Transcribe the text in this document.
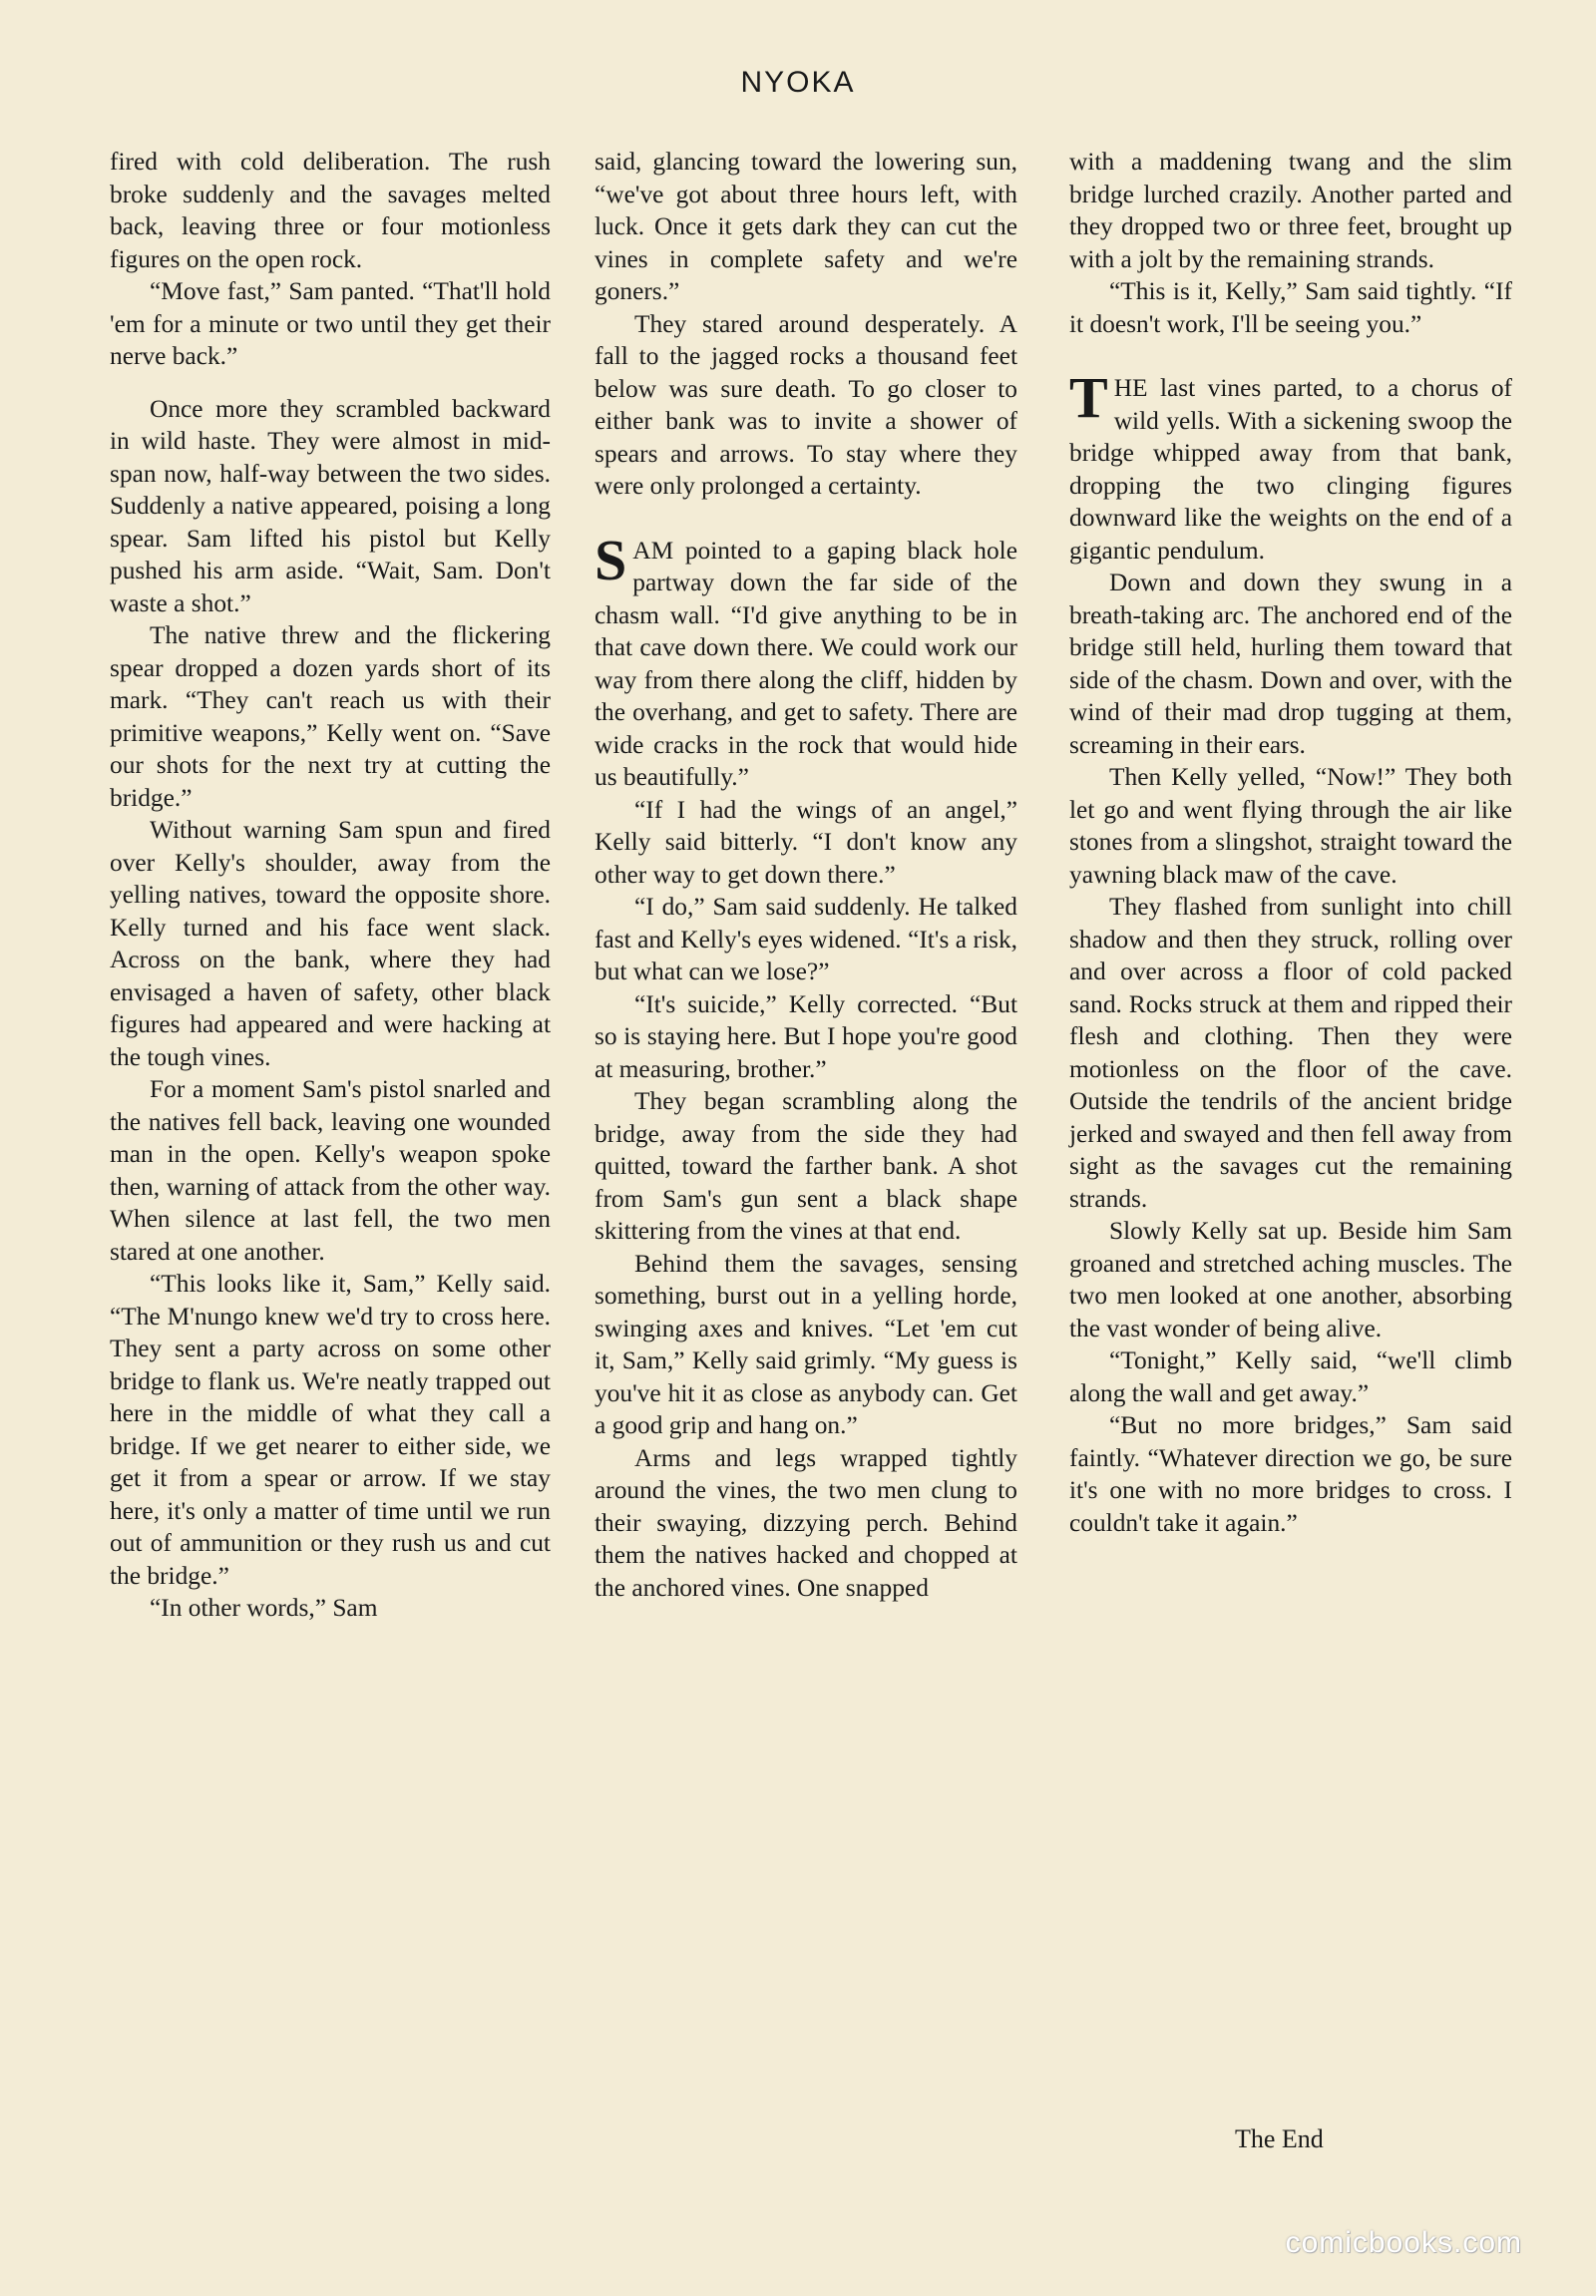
NYOKA

fired with cold deliberation. The rush broke suddenly and the savages melted back, leaving three or four motionless figures on the open rock.

“Move fast,” Sam panted. “That'll hold 'em for a minute or two until they get their nerve back.”

Once more they scrambled backward in wild haste. They were almost in mid-span now, half-way between the two sides. Suddenly a native appeared, poising a long spear. Sam lifted his pistol but Kelly pushed his arm aside. “Wait, Sam. Don't waste a shot.”

The native threw and the flickering spear dropped a dozen yards short of its mark. “They can't reach us with their primitive weapons,” Kelly went on. “Save our shots for the next try at cutting the bridge.”

Without warning Sam spun and fired over Kelly's shoulder, away from the yelling natives, toward the opposite shore. Kelly turned and his face went slack. Across on the bank, where they had envisaged a haven of safety, other black figures had appeared and were hacking at the tough vines.

For a moment Sam's pistol snarled and the natives fell back, leaving one wounded man in the open. Kelly's weapon spoke then, warning of attack from the other way. When silence at last fell, the two men stared at one another.

“This looks like it, Sam,” Kelly said. “The M'nungo knew we'd try to cross here. They sent a party across on some other bridge to flank us. We're neatly trapped out here in the middle of what they call a bridge. If we get nearer to either side, we get it from a spear or arrow. If we stay here, it's only a matter of time until we run out of ammunition or they rush us and cut the bridge.”

“In other words,” Sam

said, glancing toward the lowering sun, “we've got about three hours left, with luck. Once it gets dark they can cut the vines in complete safety and we're goners.”

They stared around desperately. A fall to the jagged rocks a thousand feet below was sure death. To go closer to either bank was to invite a shower of spears and arrows. To stay where they were only prolonged a certainty.

SAM pointed to a gaping black hole partway down the far side of the chasm wall. “I'd give anything to be in that cave down there. We could work our way from there along the cliff, hidden by the overhang, and get to safety. There are wide cracks in the rock that would hide us beautifully.”

“If I had the wings of an angel,” Kelly said bitterly. “I don't know any other way to get down there.”

“I do,” Sam said suddenly. He talked fast and Kelly's eyes widened. “It's a risk, but what can we lose?”

“It's suicide,” Kelly corrected. “But so is staying here. But I hope you're good at measuring, brother.”

They began scrambling along the bridge, away from the side they had quitted, toward the farther bank. A shot from Sam's gun sent a black shape skittering from the vines at that end.

Behind them the savages, sensing something, burst out in a yelling horde, swinging axes and knives. “Let 'em cut it, Sam,” Kelly said grimly. “My guess is you've hit it as close as anybody can. Get a good grip and hang on.”

Arms and legs wrapped tightly around the vines, the two men clung to their swaying, dizzying perch. Behind them the natives hacked and chopped at the anchored vines. One snapped

with a maddening twang and the slim bridge lurched crazily. Another parted and they dropped two or three feet, brought up with a jolt by the remaining strands.

“This is it, Kelly,” Sam said tightly. “If it doesn't work, I'll be seeing you.”

THE last vines parted, to a chorus of wild yells. With a sickening swoop the bridge whipped away from that bank, dropping the two clinging figures downward like the weights on the end of a gigantic pendulum.

Down and down they swung in a breath-taking arc. The anchored end of the bridge still held, hurling them toward that side of the chasm. Down and over, with the wind of their mad drop tugging at them, screaming in their ears.

Then Kelly yelled, “Now!” They both let go and went flying through the air like stones from a slingshot, straight toward the yawning black maw of the cave.

They flashed from sunlight into chill shadow and then they struck, rolling over and over across a floor of cold packed sand. Rocks struck at them and ripped their flesh and clothing. Then they were motionless on the floor of the cave. Outside the tendrils of the ancient bridge jerked and swayed and then fell away from sight as the savages cut the remaining strands.

Slowly Kelly sat up. Beside him Sam groaned and stretched aching muscles. The two men looked at one another, absorbing the vast wonder of being alive.

“Tonight,” Kelly said, “we'll climb along the wall and get away.”

“But no more bridges,” Sam said faintly. “Whatever direction we go, be sure it's one with no more bridges to cross. I couldn't take it again.”

The End
comicbooks.com
